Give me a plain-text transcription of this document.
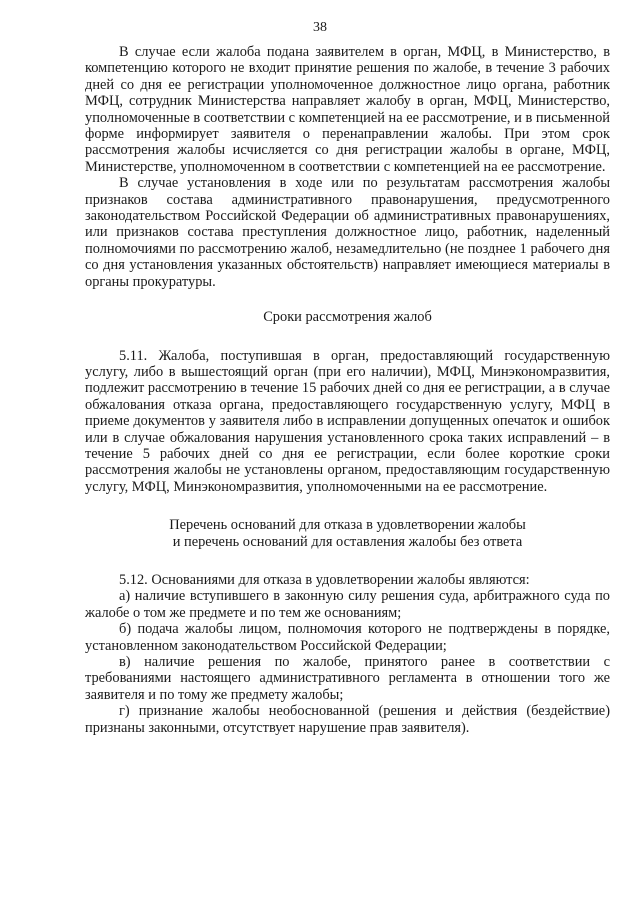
38

В случае если жалоба подана заявителем в орган, МФЦ, в Министерство, в компетенцию которого не входит принятие решения по жалобе, в течение 3 рабочих дней со дня ее регистрации уполномоченное должностное лицо органа, работник МФЦ, сотрудник Министерства направляет жалобу в орган, МФЦ, Министерство, уполномоченные в соответствии с компетенцией на ее рассмотрение, и в письменной форме информирует заявителя о перенаправлении жалобы. При этом срок рассмотрения жалобы исчисляется со дня регистрации жалобы в органе, МФЦ, Министерстве, уполномоченном в соответствии с компетенцией на ее рассмотрение.

В случае установления в ходе или по результатам рассмотрения жалобы признаков состава административного правонарушения, предусмотренного законодательством Российской Федерации об административных правонарушениях, или признаков состава преступления должностное лицо, работник, наделенный полномочиями по рассмотрению жалоб, незамедлительно (не позднее 1 рабочего дня со дня установления указанных обстоятельств) направляет имеющиеся материалы в органы прокуратуры.

Сроки рассмотрения жалоб

5.11. Жалоба, поступившая в орган, предоставляющий государственную услугу, либо в вышестоящий орган (при его наличии), МФЦ, Минэкономразвития, подлежит рассмотрению в течение 15 рабочих дней со дня ее регистрации, а в случае обжалования отказа органа, предоставляющего государственную услугу, МФЦ в приеме документов у заявителя либо в исправлении допущенных опечаток и ошибок или в случае обжалования нарушения установленного срока таких исправлений – в течение 5 рабочих дней со дня ее регистрации, если более короткие сроки рассмотрения жалобы не установлены органом, предоставляющим государственную услугу, МФЦ, Минэкономразвития, уполномоченными на ее рассмотрение.

Перечень оснований для отказа в удовлетворении жалобы

и перечень оснований для оставления жалобы без ответа

5.12. Основаниями для отказа в удовлетворении жалобы являются:

а) наличие вступившего в законную силу решения суда, арбитражного суда по жалобе о том же предмете и по тем же основаниям;

б) подача жалобы лицом, полномочия которого не подтверждены в порядке, установленном законодательством Российской Федерации;

в) наличие решения по жалобе, принятого ранее в соответствии с требованиями настоящего административного регламента в отношении того же заявителя и по тому же предмету жалобы;

г) признание жалобы необоснованной (решения и действия (бездействие) признаны законными, отсутствует нарушение прав заявителя).
